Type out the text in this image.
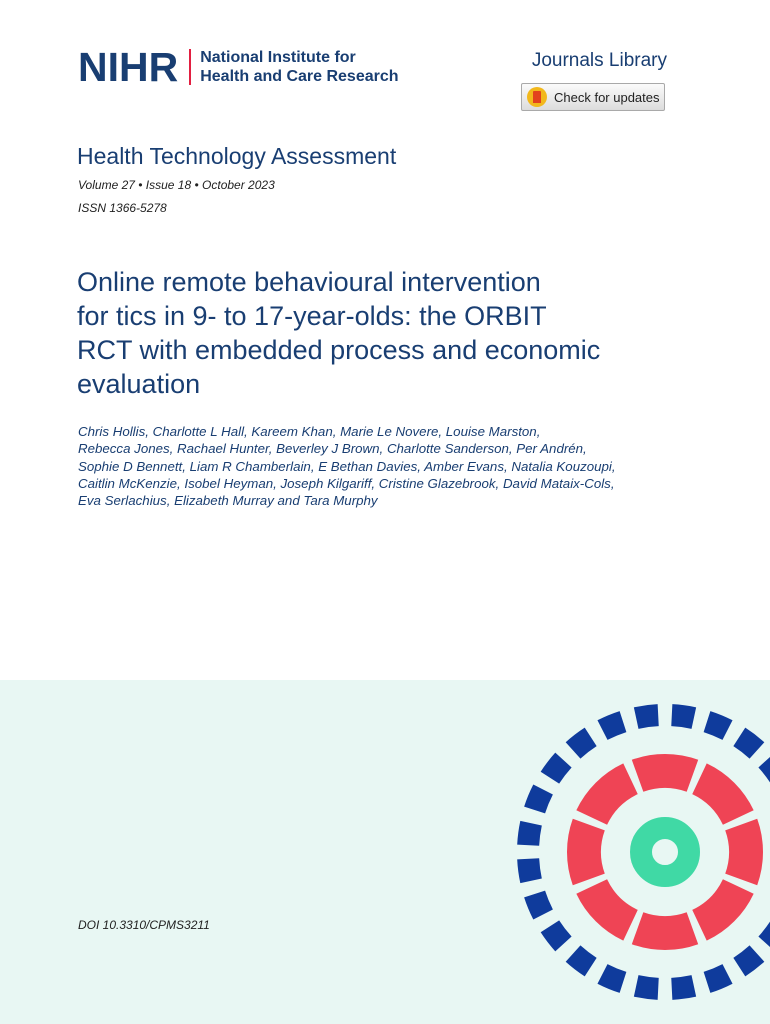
NIHR National Institute for
Health and Care Research
Journals Library
Check for updates
Health Technology Assessment
Volume 27 • Issue 18 • October 2023
ISSN 1366-5278
Online remote behavioural intervention
for tics in 9- to 17-year-olds: the ORBIT
RCT with embedded process and economic
evaluation
Chris Hollis, Charlotte L Hall, Kareem Khan, Marie Le Novere, Louise Marston,
Rebecca Jones, Rachael Hunter, Beverley J Brown, Charlotte Sanderson, Per Andrén,
Sophie D Bennett, Liam R Chamberlain, E Bethan Davies, Amber Evans, Natalia Kouzoupi,
Caitlin McKenzie, Isobel Heyman, Joseph Kilgariff, Cristine Glazebrook, David Mataix-Cols,
Eva Serlachius, Elizabeth Murray and Tara Murphy
DOI 10.3310/CPMS3211
